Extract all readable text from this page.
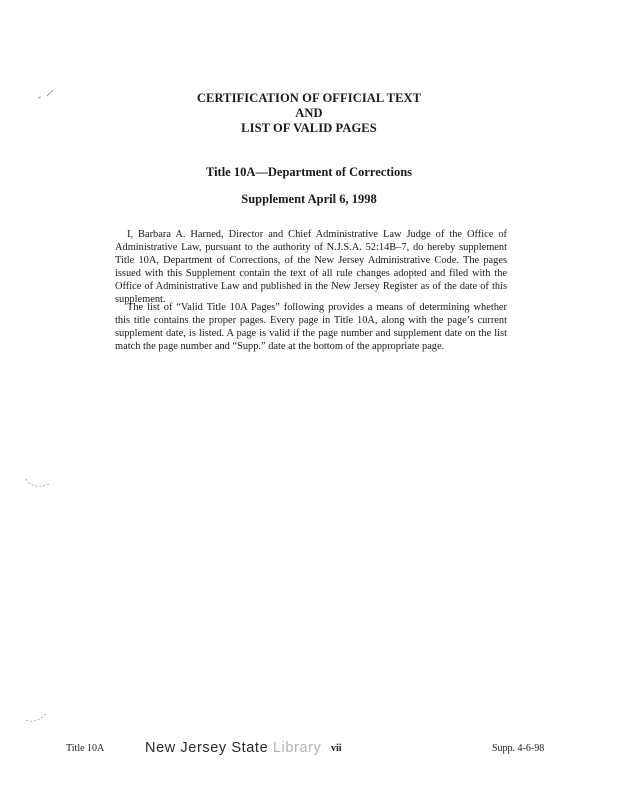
CERTIFICATION OF OFFICIAL TEXT
AND
LIST OF VALID PAGES
Title 10A—Department of Corrections
Supplement April 6, 1998

I, Barbara A. Harned, Director and Chief Administrative Law Judge of the Office of Administrative Law, pursuant to the authority of N.J.S.A. 52:14B–7, do hereby supplement Title 10A, Department of Corrections, of the New Jersey Administrative Code. The pages issued with this Supplement contain the text of all rule changes adopted and filed with the Office of Administrative Law and published in the New Jersey Register as of the date of this supplement.

The list of “Valid Title 10A Pages” following provides a means of determining whether this title contains the proper pages. Every page in Title 10A, along with the page’s current supplement date, is listed. A page is valid if the page number and supplement date on the list match the page number and “Supp.” date at the bottom of the appropriate page.

Title 10A	New Jersey State Library vii	Supp. 4-6-98
